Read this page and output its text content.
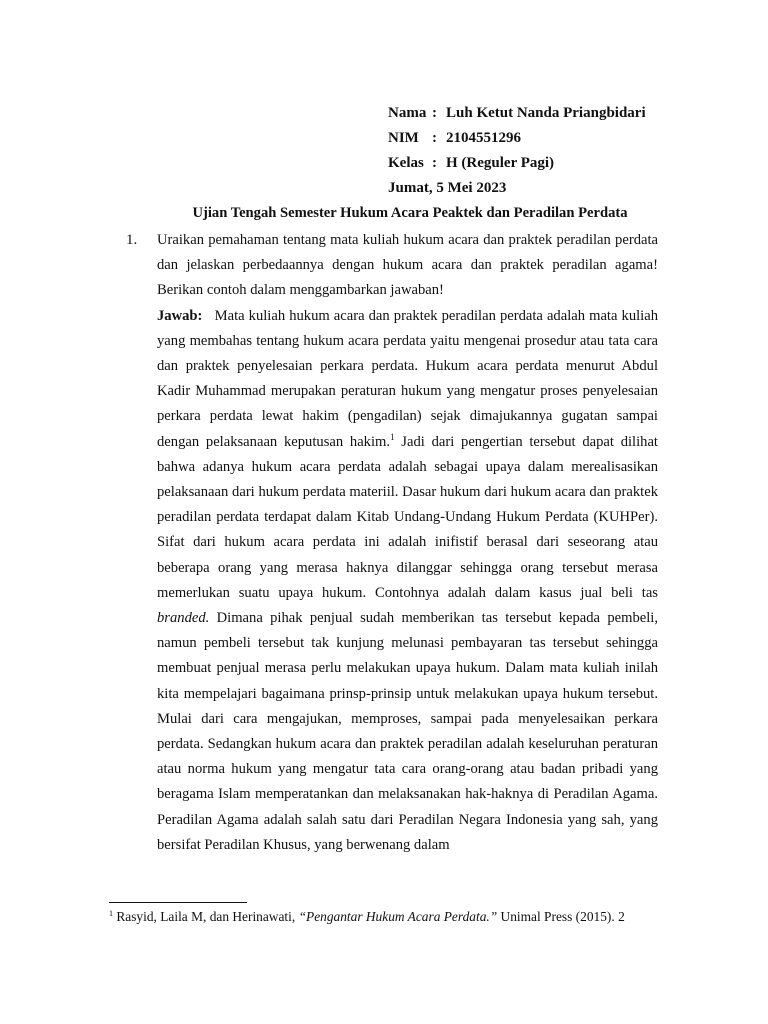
Nama : Luh Ketut Nanda Priangbidari
NIM : 2104551296
Kelas : H (Reguler Pagi)
Jumat, 5 Mei 2023
Ujian Tengah Semester Hukum Acara Peaktek dan Peradilan Perdata
1. Uraikan pemahaman tentang mata kuliah hukum acara dan praktek peradilan perdata dan jelaskan perbedaannya dengan hukum acara dan praktek peradilan agama! Berikan contoh dalam menggambarkan jawaban!

Jawab: Mata kuliah hukum acara dan praktek peradilan perdata adalah mata kuliah yang membahas tentang hukum acara perdata yaitu mengenai prosedur atau tata cara dan praktek penyelesaian perkara perdata. Hukum acara perdata menurut Abdul Kadir Muhammad merupakan peraturan hukum yang mengatur proses penyelesaian perkara perdata lewat hakim (pengadilan) sejak dimajukannya gugatan sampai dengan pelaksanaan keputusan hakim.$^1$ Jadi dari pengertian tersebut dapat dilihat bahwa adanya hukum acara perdata adalah sebagai upaya dalam merealisasikan pelaksanaan dari hukum perdata materiil. Dasar hukum dari hukum acara dan praktek peradilan perdata terdapat dalam Kitab Undang-Undang Hukum Perdata (KUHPer). Sifat dari hukum acara perdata ini adalah inifistif berasal dari seseorang atau beberapa orang yang merasa haknya dilanggar sehingga orang tersebut merasa memerlukan suatu upaya hukum. Contohnya adalah dalam kasus jual beli tas branded. Dimana pihak penjual sudah memberikan tas tersebut kepada pembeli, namun pembeli tersebut tak kunjung melunasi pembayaran tas tersebut sehingga membuat penjual merasa perlu melakukan upaya hukum. Dalam mata kuliah inilah kita mempelajari bagaimana prinsp-prinsip untuk melakukan upaya hukum tersebut. Mulai dari cara mengajukan, memproses, sampai pada menyelesaikan perkara perdata. Sedangkan hukum acara dan praktek peradilan adalah keseluruhan peraturan atau norma hukum yang mengatur tata cara orang-orang atau badan pribadi yang beragama Islam memperatankan dan melaksanakan hak-haknya di Peradilan Agama. Peradilan Agama adalah salah satu dari Peradilan Negara Indonesia yang sah, yang bersifat Peradilan Khusus, yang berwenang dalam

$^1$ Rasyid, Laila M, dan Herinawati, “Pengantar Hukum Acara Perdata.” Unimal Press (2015). 2
